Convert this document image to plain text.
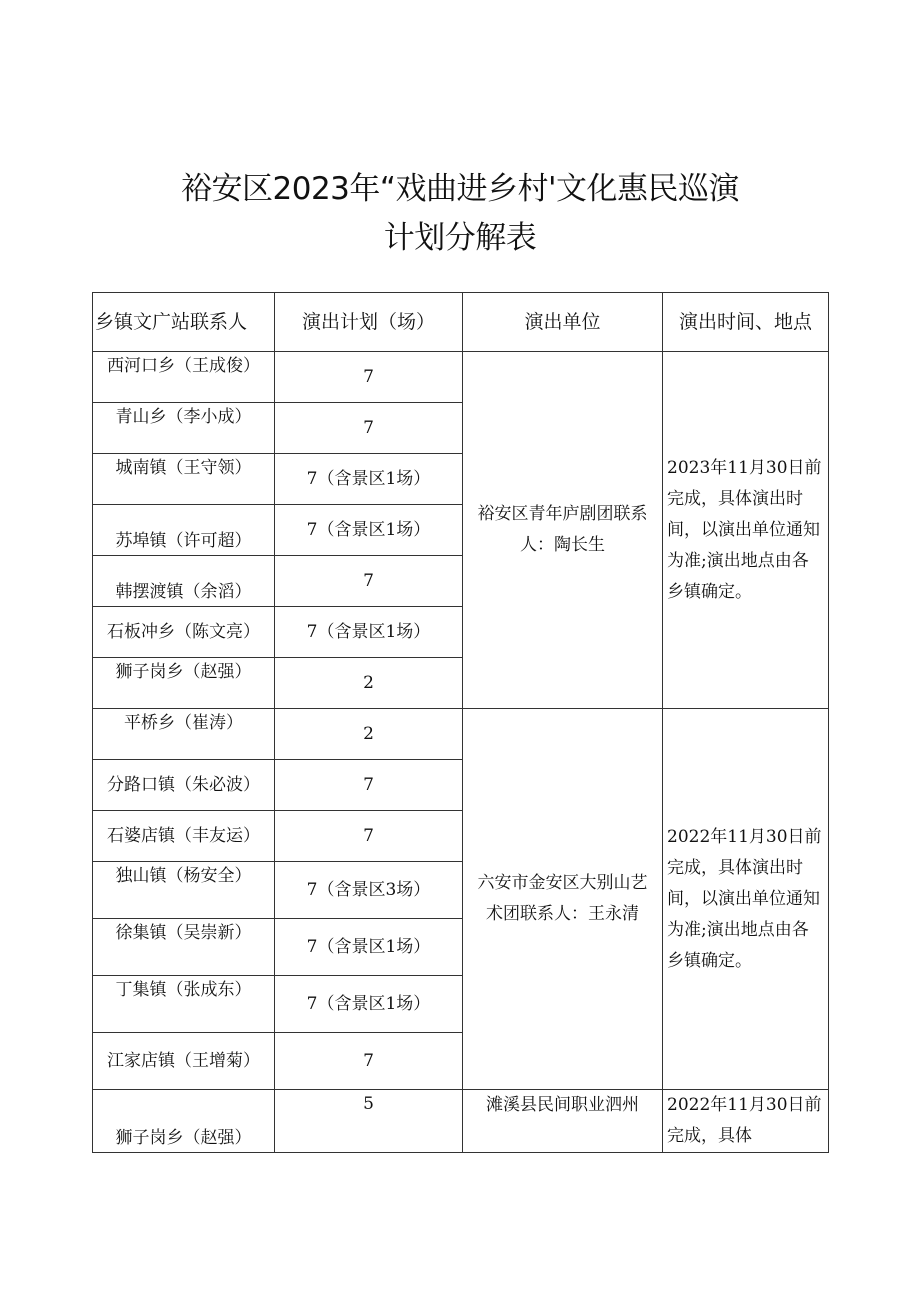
裕安区2023年“戏曲进乡村'文化惠民巡演
计划分解表
乡镇文广站联系人	演出计划（场）	演出单位	演出时间、地点
西河口乡（王成俊）	7	裕安区青年庐剧团联系人：陶长生	2023年11月30日前完成，具体演出时间，以演出单位通知为准;演出地点由各乡镇确定。
青山乡（李小成）	7		
城南镇（王守领）	7（含景区1场）		
苏埠镇（许可超）	7（含景区1场）		
韩摆渡镇（余滔）	7		
石板冲乡（陈文亮）	7（含景区1场）		
狮子岗乡（赵强）	2		
平桥乡（崔涛）	2	六安市金安区大别山艺术团联系人：王永清	2022年11月30日前完成，具体演出时间，以演出单位通知为准;演出地点由各乡镇确定。
分路口镇（朱必波）	7		
石婆店镇（丰友运）	7		
独山镇（杨安全）	7（含景区3场）		
徐集镇（吴崇新）	7（含景区1场）		
丁集镇（张成东）	7（含景区1场）		
江家店镇（王增菊）	7		
狮子岗乡（赵强）	5	滩溪县民间职业泗州	2022年11月30日前完成，具体
